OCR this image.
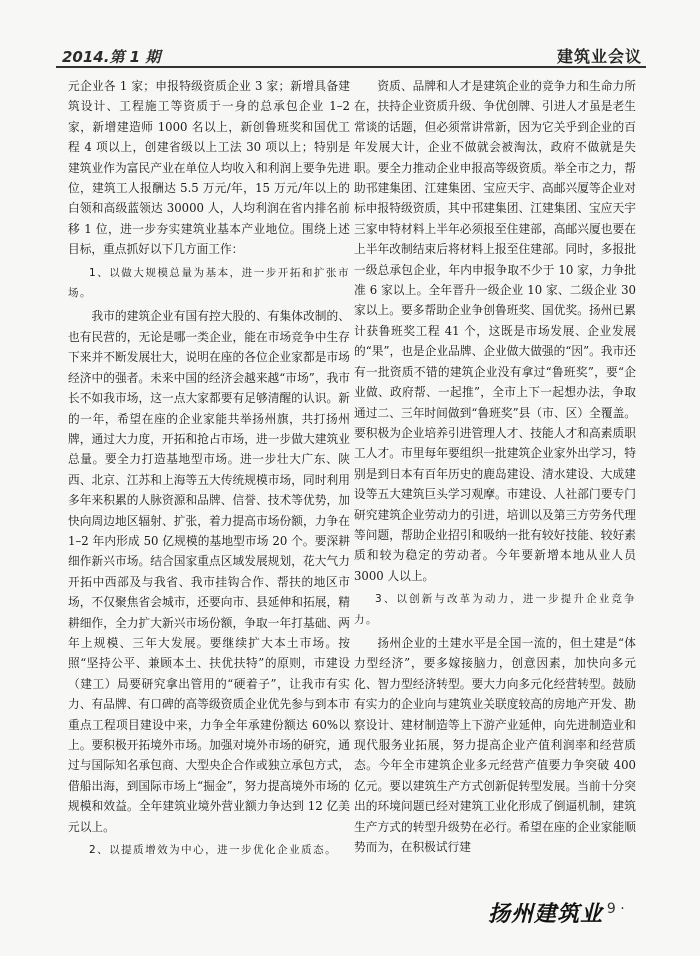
2014.第 1 期	建筑业会议

元企业各 1 家；申报特级资质企业 3 家；新增具备建筑设计、工程施工等资质于一身的总承包企业 1–2 家，新增建造师 1000 名以上，新创鲁班奖和国优工程 4 项以上，创建省级以上工法 30 项以上；特别是建筑业作为富民产业在单位人均收入和利润上要争先进位，建筑工人报酬达 5.5 万元/年，15 万元/年以上的白领和高级蓝领达 30000 人，人均利润在省内排名前移 1 位，进一步夯实建筑业基本产业地位。围绕上述目标，重点抓好以下几方面工作：

1、以做大规模总量为基本，进一步开拓和扩张市场。

我市的建筑企业有国有控大股的、有集体改制的、也有民营的，无论是哪一类企业，能在市场竞争中生存下来并不断发展壮大，说明在座的各位企业家都是市场经济中的强者。未来中国的经济会越来越“市场”，我市长不如我市场，这一点大家都要有足够清醒的认识。新的一年，希望在座的企业家能共举扬州旗，共打扬州牌，通过大力度，开拓和抢占市场，进一步做大建筑业总量。要全力打造基地型市场。进一步壮大广东、陕西、北京、江苏和上海等五大传统规模市场，同时利用多年来积累的人脉资源和品牌、信誉、技术等优势，加快向周边地区辐射、扩张，着力提高市场份额，力争在 1–2 年内形成 50 亿规模的基地型市场 20 个。要深耕细作新兴市场。结合国家重点区域发展规划，花大气力开拓中西部及与我省、我市挂钩合作、帮扶的地区市场，不仅聚焦省会城市，还要向市、县延伸和拓展，精耕细作，全力扩大新兴市场份额，争取一年打基础、两年上规模、三年大发展。要继续扩大本土市场。按照“坚持公平、兼顾本土、扶优扶特”的原则，市建设（建工）局要研究拿出管用的“硬着子”，让我市有实力、有品牌、有口碑的高等级资质企业优先参与到本市重点工程项目建设中来，力争全年承建份额达 60%以上。要积极开拓境外市场。加强对境外市场的研究，通过与国际知名承包商、大型央企合作或独立承包方式，借船出海，到国际市场上“掘金”，努力提高境外市场的规模和效益。全年建筑业境外营业额力争达到 12 亿美元以上。

2、以提质增效为中心，进一步优化企业质态。

资质、品牌和人才是建筑企业的竞争力和生命力所在，扶持企业资质升级、争优创牌、引进人才虽是老生常谈的话题，但必须常讲常新，因为它关乎到企业的百年发展大计，企业不做就会被淘汰，政府不做就是失职。要全力推动企业申报高等级资质。举全市之力，帮助邗建集团、江建集团、宝应天宇、高邮兴厦等企业对标申报特级资质，其中邗建集团、江建集团、宝应天宇三家申特材料上半年必须报至住建部，高邮兴厦也要在上半年改制结束后将材料上报至住建部。同时，多报批一级总承包企业，年内申报争取不少于 10 家，力争批准 6 家以上。全年晋升一级企业 10 家、二级企业 30 家以上。要多帮助企业争创鲁班奖、国优奖。扬州已累计获鲁班奖工程 41 个，这既是市场发展、企业发展的“果”，也是企业品牌、企业做大做强的“因”。我市还有一批资质不错的建筑企业没有拿过“鲁班奖”，要“企业做、政府帮、一起推”，全市上下一起想办法，争取通过二、三年时间做到“鲁班奖”县（市、区）全覆盖。要积极为企业培养引进管理人才、技能人才和高素质职工人才。市里每年要组织一批建筑企业家外出学习，特别是到日本有百年历史的鹿岛建设、清水建设、大成建设等五大建筑巨头学习观摩。市建设、人社部门要专门研究建筑企业劳动力的引进，培训以及第三方劳务代理等问题，帮助企业招引和吸纳一批有较好技能、较好素质和较为稳定的劳动者。今年要新增本地从业人员 3000 人以上。

3、以创新与改革为动力，进一步提升企业竞争力。

扬州企业的土建水平是全国一流的，但土建是“体力型经济”，要多嫁接脑力，创意因素，加快向多元化、智力型经济转型。要大力向多元化经营转型。鼓励有实力的企业向与建筑业关联度较高的房地产开发、勘察设计、建材制造等上下游产业延伸，向先进制造业和现代服务业拓展，努力提高企业产值利润率和经营质态。今年全市建筑企业多元经营产值要力争突破 400 亿元。要以建筑生产方式创新促转型发展。当前十分突出的环境问题已经对建筑工业化形成了倒逼机制，建筑生产方式的转型升级势在必行。希望在座的企业家能顺势而为，在积极试行建

扬州建筑业
· 9 ·
